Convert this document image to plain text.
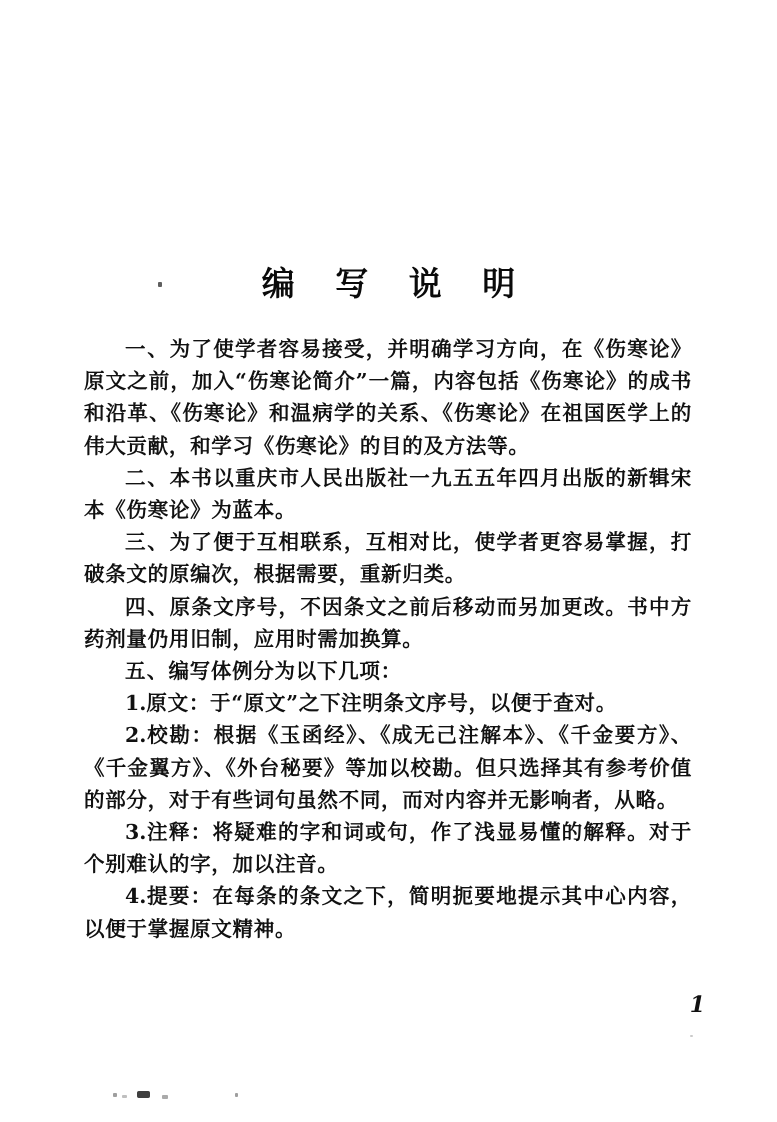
编 写 说 明

一、为了使学者容易接受，并明确学习方向，在《伤寒论》原文之前，加入“伤寒论简介”一篇，内容包括《伤寒论》的成书和沿革、《伤寒论》和温病学的关系、《伤寒论》在祖国医学上的伟大贡献，和学习《伤寒论》的目的及方法等。

二、本书以重庆市人民出版社一九五五年四月出版的新辑宋本《伤寒论》为蓝本。

三、为了便于互相联系，互相对比，使学者更容易掌握，打破条文的原编次，根据需要，重新归类。

四、原条文序号，不因条文之前后移动而另加更改。书中方药剂量仍用旧制，应用时需加换算。

五、编写体例分为以下几项：

1.原文：于“原文”之下注明条文序号，以便于查对。

2.校勘：根据《玉函经》、《成无己注解本》、《千金要方》、《千金翼方》、《外台秘要》等加以校勘。但只选择其有参考价值的部分，对于有些词句虽然不同，而对内容并无影响者，从略。

3.注释：将疑难的字和词或句，作了浅显易懂的解释。对于个别难认的字，加以注音。

4.提要：在每条的条文之下，简明扼要地提示其中心内容，以便于掌握原文精神。

1
